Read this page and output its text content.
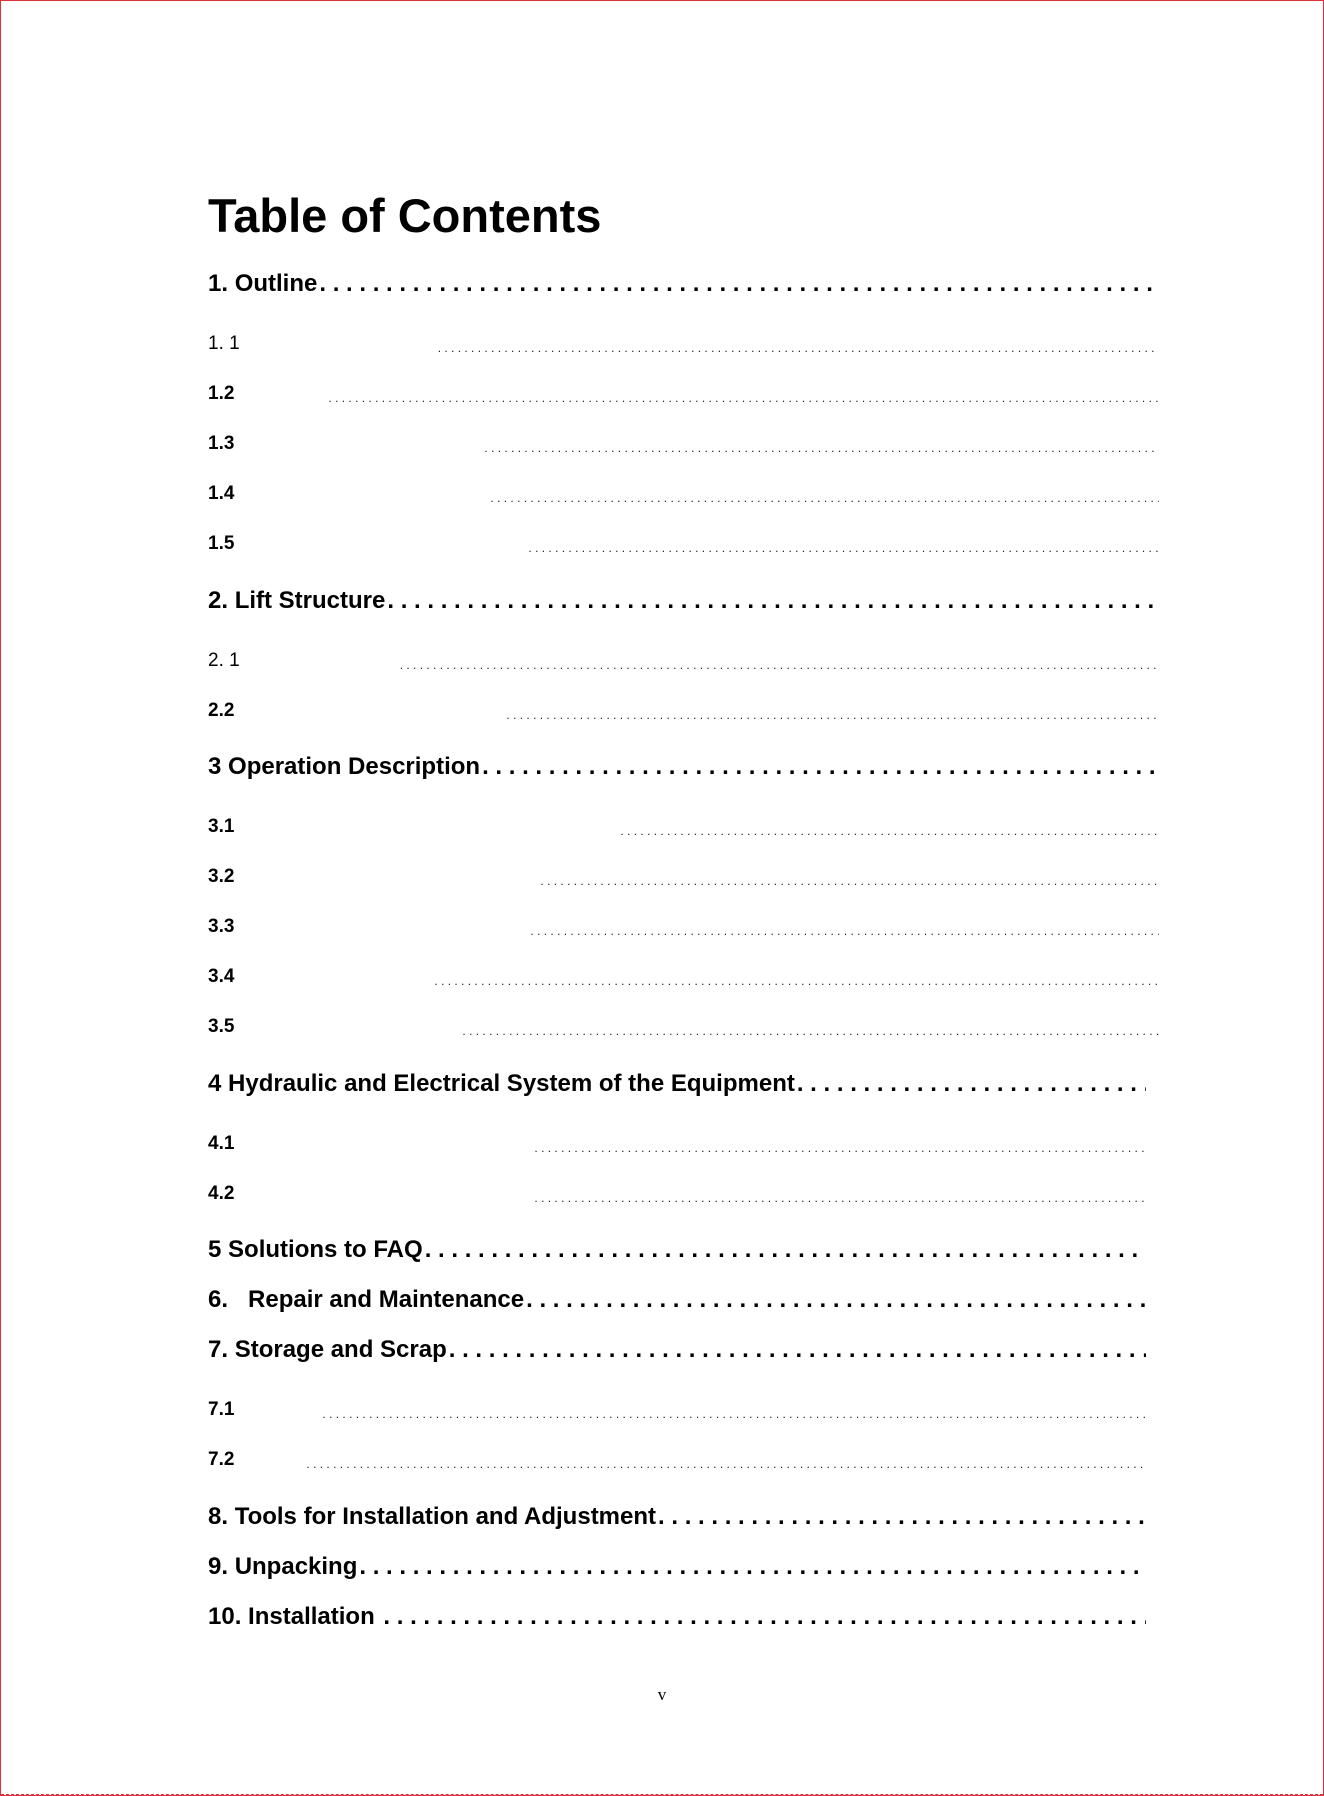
Table of Contents
1.
Outline
. . .
1. 1
. . .
1.2
. . .
1.3
. . .
1.4
. . .
1.5
. . .
2.
Lift Structure
. . .
2. 1
. . .
2.2
. . .
3
Operation Description
. . .
3.1
. . .
3.2
. . .
3.3
. . .
3.4
. . .
3.5
. . .
4
Hydraulic and Electrical System of the Equipment
. . .
4.1
. . .
4.2
. . .
5
Solutions to FAQ
. . .
6.
Repair and Maintenance
. . .
7.
Storage and Scrap
. . .
7.1
. . .
7.2
. . .
8.
Tools for Installation and Adjustment
. . .
9.
Unpacking
. . .
10.
Installation

. . .
v
